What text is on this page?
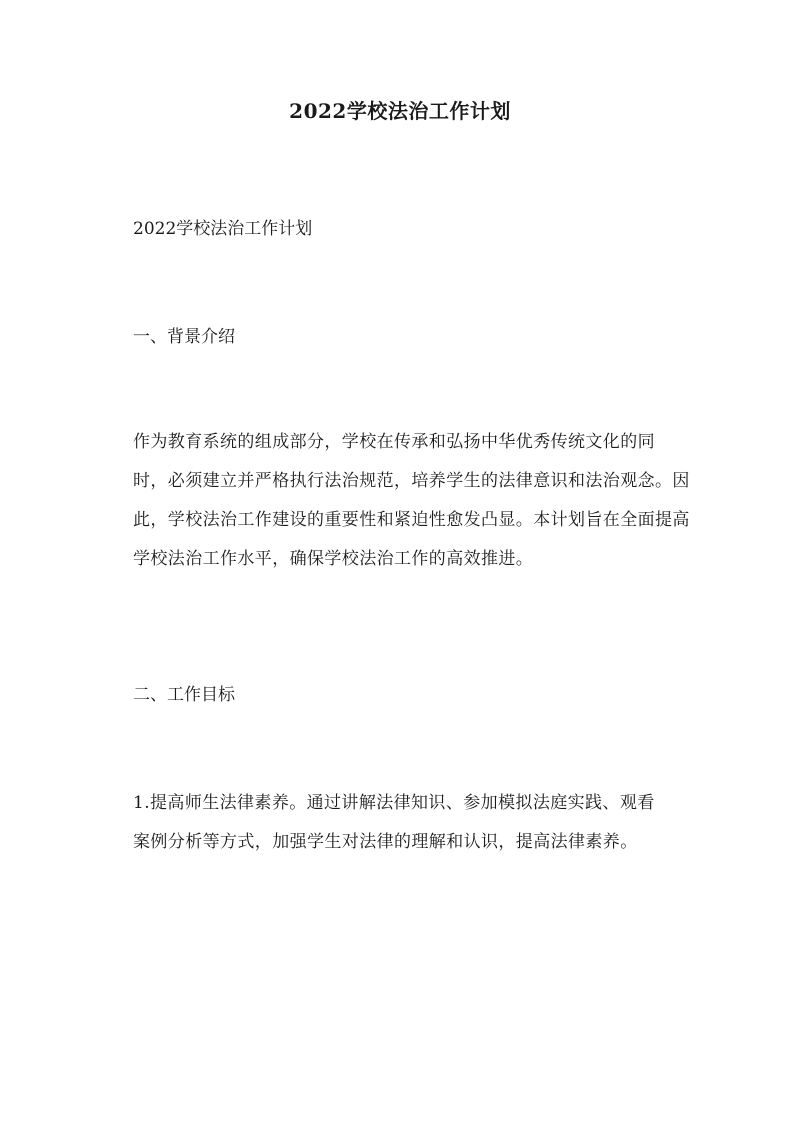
2022学校法治工作计划

2022学校法治工作计划

一、背景介绍

作为教育系统的组成部分，学校在传承和弘扬中华优秀传统文化的同
时，必须建立并严格执行法治规范，培养学生的法律意识和法治观念。因
此，学校法治工作建设的重要性和紧迫性愈发凸显。本计划旨在全面提高
学校法治工作水平，确保学校法治工作的高效推进。

二、工作目标

1.提高师生法律素养。通过讲解法律知识、参加模拟法庭实践、观看
案例分析等方式，加强学生对法律的理解和认识，提高法律素养。
